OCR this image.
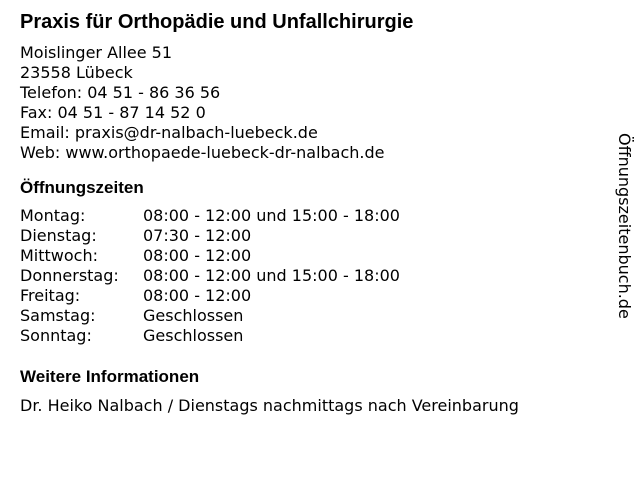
Praxis für Orthopädie und Unfallchirurgie
Moislinger Allee 51
23558 Lübeck
Telefon: 04 51 - 86 36 56
Fax: 04 51 - 87 14 52 0
Email: praxis@dr-nalbach-luebeck.de
Web: www.orthopaede-luebeck-dr-nalbach.de
Öffnungszeiten
Montag:	08:00 - 12:00 und 15:00 - 18:00
Dienstag:	07:30 - 12:00
Mittwoch:	08:00 - 12:00
Donnerstag:	08:00 - 12:00 und 15:00 - 18:00
Freitag:	08:00 - 12:00
Samstag:	Geschlossen
Sonntag:	Geschlossen
Weitere Informationen
Dr. Heiko Nalbach / Dienstags nachmittags nach Vereinbarung
Öffnungszeitenbuch.de
